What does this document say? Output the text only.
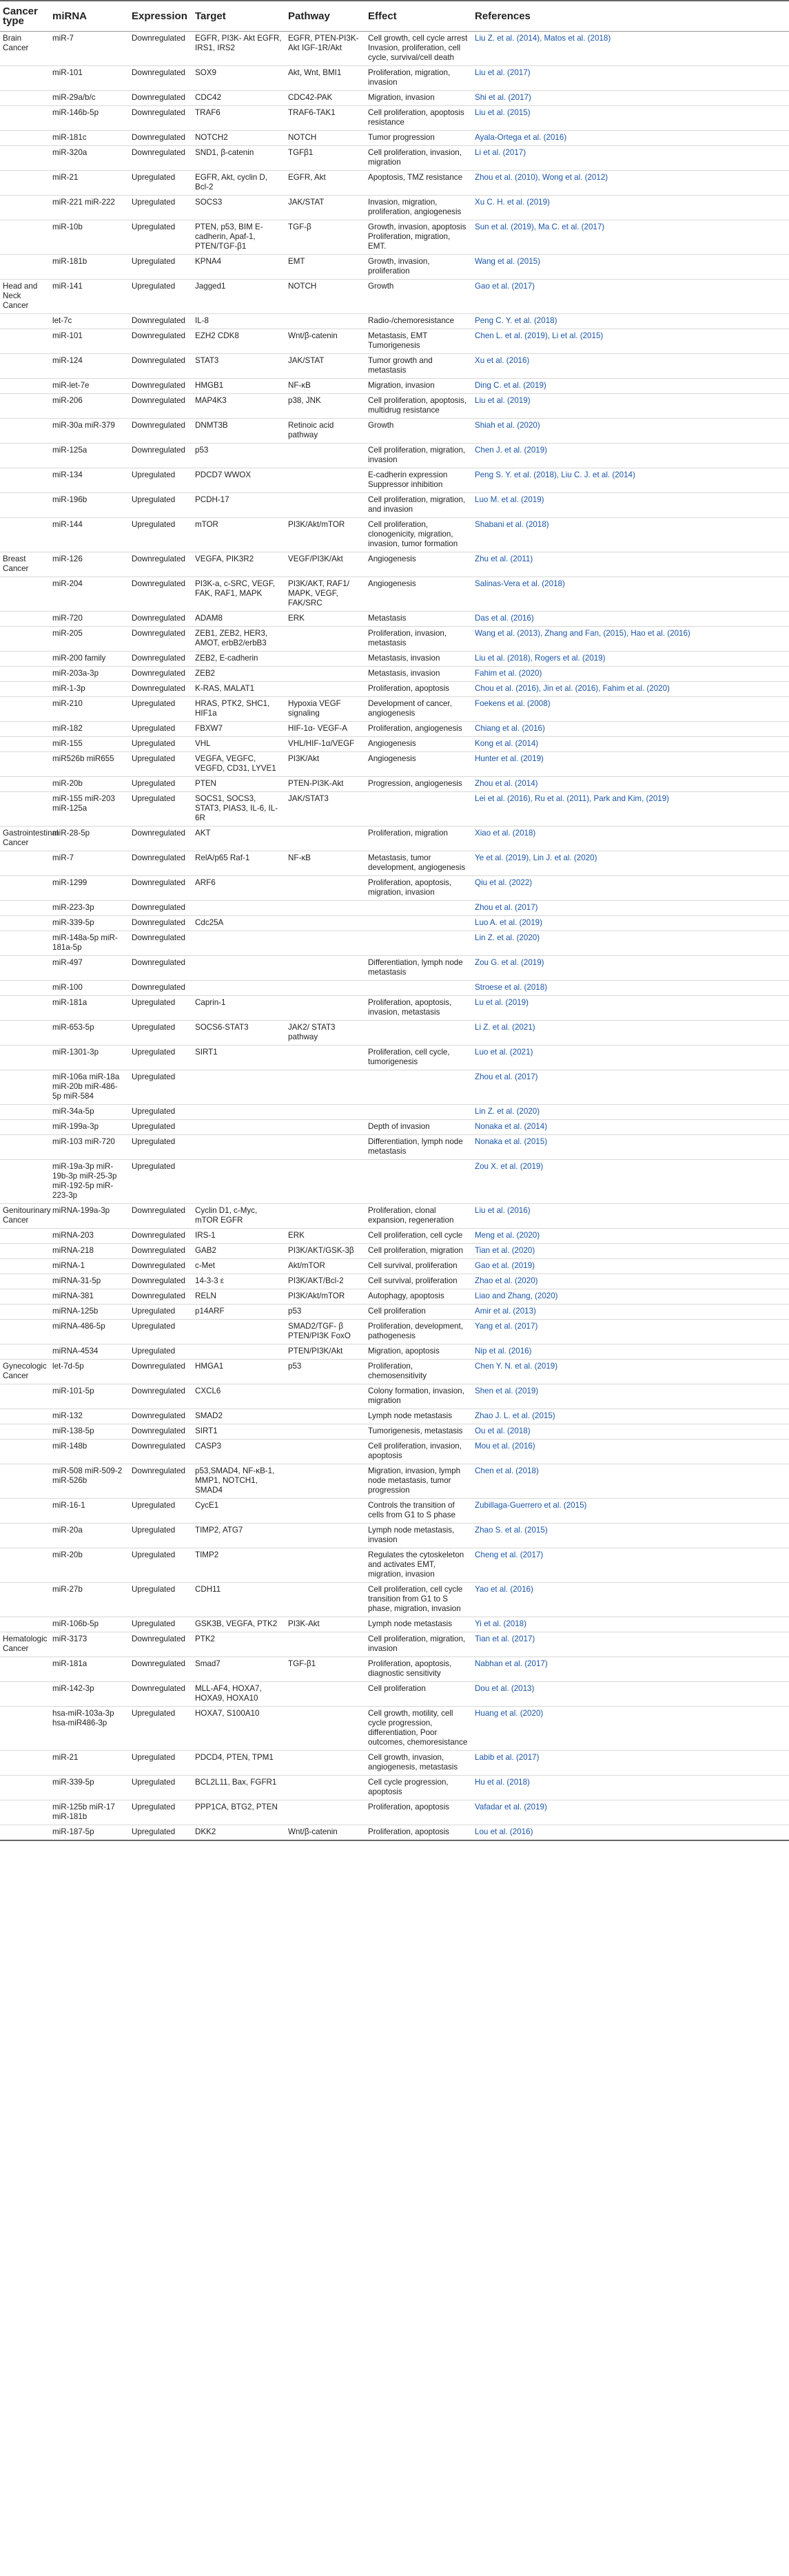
Cancer type	miRNA	Expression	Target	Pathway	Effect	References
Brain Cancer	miR-7	Downregulated	EGFR, PI3K- Akt EGFR, IRS1, IRS2	EGFR, PTEN-PI3K-Akt IGF-1R/Akt	Cell growth, cell cycle arrest Invasion, proliferation, cell cycle, survival/cell death	Liu Z. et al. (2014), Matos et al. (2018)
	miR-101	Downregulated	SOX9	Akt, Wnt, BMI1	Proliferation, migration, invasion	Liu et al. (2017)
	miR-29a/b/c	Downregulated	CDC42	CDC42-PAK	Migration, invasion	Shi et al. (2017)
	miR-146b-5p	Downregulated	TRAF6	TRAF6-TAK1	Cell proliferation, apoptosis resistance	Liu et al. (2015)
	miR-181c	Downregulated	NOTCH2	NOTCH	Tumor progression	Ayala-Ortega et al. (2016)
	miR-320a	Downregulated	SND1, β-catenin	TGFβ1	Cell proliferation, invasion, migration	Li et al. (2017)
	miR-21	Upregulated	EGFR, Akt, cyclin D, Bcl-2	EGFR, Akt	Apoptosis, TMZ resistance	Zhou et al. (2010), Wong et al. (2012)
	miR-221 miR-222	Upregulated	SOCS3	JAK/STAT	Invasion, migration, proliferation, angiogenesis	Xu C. H. et al. (2019)
	miR-10b	Upregulated	PTEN, p53, BIM E-cadherin, Apaf-1, PTEN/TGF-β1	TGF-β	Growth, invasion, apoptosis Proliferation, migration, EMT.	Sun et al. (2019), Ma C. et al. (2017)
	miR-181b	Upregulated	KPNA4	EMT	Growth, invasion, proliferation	Wang et al. (2015)
Head and Neck Cancer	miR-141	Upregulated	Jagged1	NOTCH	Growth	Gao et al. (2017)
	let-7c	Downregulated	IL-8		Radio-/chemoresistance	Peng C. Y. et al. (2018)
	miR-101	Downregulated	EZH2 CDK8	Wnt/β-catenin	Metastasis, EMT Tumorigenesis	Chen L. et al. (2019), Li et al. (2015)
	miR-124	Downregulated	STAT3	JAK/STAT	Tumor growth and metastasis	Xu et al. (2016)
	miR-let-7e	Downregulated	HMGB1	NF-κB	Migration, invasion	Ding C. et al. (2019)
	miR-206	Downregulated	MAP4K3	p38, JNK	Cell proliferation, apoptosis, multidrug resistance	Liu et al. (2019)
	miR-30a miR-379	Downregulated	DNMT3B	Retinoic acid pathway	Growth	Shiah et al. (2020)
	miR-125a	Downregulated	p53		Cell proliferation, migration, invasion	Chen J. et al. (2019)
	miR-134	Upregulated	PDCD7 WWOX		E-cadherin expression Suppressor inhibition	Peng S. Y. et al. (2018), Liu C. J. et al. (2014)
	miR-196b	Upregulated	PCDH-17		Cell proliferation, migration, and invasion	Luo M. et al. (2019)
	miR-144	Upregulated	mTOR	PI3K/Akt/mTOR	Cell proliferation, clonogenicity, migration, invasion, tumor formation	Shabani et al. (2018)
Breast Cancer	miR-126	Downregulated	VEGFA, PIK3R2	VEGF/PI3K/Akt	Angiogenesis	Zhu et al. (2011)
	miR-204	Downregulated	PI3K-a, c-SRC, VEGF, FAK, RAF1, MAPK	PI3K/AKT, RAF1/ MAPK, VEGF, FAK/SRC	Angiogenesis	Salinas-Vera et al. (2018)
	miR-720	Downregulated	ADAM8	ERK	Metastasis	Das et al. (2016)
	miR-205	Downregulated	ZEB1, ZEB2, HER3, AMOT, erbB2/erbB3		Proliferation, invasion, metastasis	Wang et al. (2013), Zhang and Fan, (2015), Hao et al. (2016)
	miR-200 family	Downregulated	ZEB2, E-cadherin		Metastasis, invasion	Liu et al. (2018), Rogers et al. (2019)
	miR-203a-3p	Downregulated	ZEB2		Metastasis, invasion	Fahim et al. (2020)
	miR-1-3p	Downregulated	K-RAS, MALAT1		Proliferation, apoptosis	Chou et al. (2016), Jin et al. (2016), Fahim et al. (2020)
	miR-210	Upregulated	HRAS, PTK2, SHC1, HIF1a	Hypoxia VEGF signaling	Development of cancer, angiogenesis	Foekens et al. (2008)
	miR-182	Upregulated	FBXW7	HIF-1α- VEGF-A	Proliferation, angiogenesis	Chiang et al. (2016)
	miR-155	Upregulated	VHL	VHL/HIF-1α/VEGF	Angiogenesis	Kong et al. (2014)
	miR526b miR655	Upregulated	VEGFA, VEGFC, VEGFD, CD31, LYVE1	PI3K/Akt	Angiogenesis	Hunter et al. (2019)
	miR-20b	Upregulated	PTEN	PTEN-PI3K-Akt	Progression, angiogenesis	Zhou et al. (2014)
	miR-155 miR-203 miR-125a	Upregulated	SOCS1, SOCS3, STAT3, PIAS3, IL-6, IL-6R	JAK/STAT3		Lei et al. (2016), Ru et al. (2011), Park and Kim, (2019)
Gastrointestinal Cancer	miR-28-5p	Downregulated	AKT		Proliferation, migration	Xiao et al. (2018)
	miR-7	Downregulated	RelA/p65 Raf-1	NF-κB	Metastasis, tumor development, angiogenesis	Ye et al. (2019), Lin J. et al. (2020)
	miR-1299	Downregulated	ARF6		Proliferation, apoptosis, migration, invasion	Qiu et al. (2022)
	miR-223-3p	Downregulated				Zhou et al. (2017)
	miR-339-5p	Downregulated	Cdc25A			Luo A. et al. (2019)
	miR-148a-5p miR-181a-5p	Downregulated				Lin Z. et al. (2020)
	miR-497	Downregulated			Differentiation, lymph node metastasis	Zou G. et al. (2019)
	miR-100	Downregulated				Stroese et al. (2018)
	miR-181a	Upregulated	Caprin-1		Proliferation, apoptosis, invasion, metastasis	Lu et al. (2019)
	miR-653-5p	Upregulated	SOCS6-STAT3	JAK2/ STAT3 pathway		Li Z. et al. (2021)
	miR-1301-3p	Upregulated	SIRT1		Proliferation, cell cycle, tumorigenesis	Luo et al. (2021)
	miR-106a miR-18a miR-20b miR-486-5p miR-584	Upregulated				Zhou et al. (2017)
	miR-34a-5p	Upregulated				Lin Z. et al. (2020)
	miR-199a-3p	Upregulated			Depth of invasion	Nonaka et al. (2014)
	miR-103 miR-720	Upregulated			Differentiation, lymph node metastasis	Nonaka et al. (2015)
	miR-19a-3p miR-19b-3p miR-25-3p miR-192-5p miR-223-3p	Upregulated				Zou X. et al. (2019)
Genitourinary Cancer	miRNA-199a-3p	Downregulated	Cyclin D1, c-Myc, mTOR EGFR		Proliferation, clonal expansion, regeneration	Liu et al. (2016)
	miRNA-203	Downregulated	IRS-1	ERK	Cell proliferation, cell cycle	Meng et al. (2020)
	miRNA-218	Downregulated	GAB2	PI3K/AKT/GSK-3β	Cell proliferation, migration	Tian et al. (2020)
	miRNA-1	Downregulated	c-Met	Akt/mTOR	Cell survival, proliferation	Gao et al. (2019)
	miRNA-31-5p	Downregulated	14-3-3 ε	PI3K/AKT/Bcl-2	Cell survival, proliferation	Zhao et al. (2020)
	miRNA-381	Downregulated	RELN	PI3K/Akt/mTOR	Autophagy, apoptosis	Liao and Zhang, (2020)
	miRNA-125b	Upregulated	p14ARF	p53	Cell proliferation	Amir et al. (2013)
	miRNA-486-5p	Upregulated		SMAD2/TGF- β PTEN/PI3K FoxO	Proliferation, development, pathogenesis	Yang et al. (2017)
	miRNA-4534	Upregulated		PTEN/PI3K/Akt	Migration, apoptosis	Nip et al. (2016)
Gynecologic Cancer	let-7d-5p	Downregulated	HMGA1	p53	Proliferation, chemosensitivity	Chen Y. N. et al. (2019)
	miR-101-5p	Downregulated	CXCL6		Colony formation, invasion, migration	Shen et al. (2019)
	miR-132	Downregulated	SMAD2		Lymph node metastasis	Zhao J. L. et al. (2015)
	miR-138-5p	Downregulated	SIRT1		Tumorigenesis, metastasis	Ou et al. (2018)
	miR-148b	Downregulated	CASP3		Cell proliferation, invasion, apoptosis	Mou et al. (2016)
	miR-508 miR-509-2 miR-526b	Downregulated	p53,SMAD4, NF-κB-1, MMP1, NOTCH1, SMAD4		Migration, invasion, lymph node metastasis, tumor progression	Chen et al. (2018)
	miR-16-1	Upregulated	CycE1		Controls the transition of cells from G1 to S phase	Zubillaga-Guerrero et al. (2015)
	miR-20a	Upregulated	TIMP2, ATG7		Lymph node metastasis, invasion	Zhao S. et al. (2015)
	miR-20b	Upregulated	TIMP2		Regulates the cytoskeleton and activates EMT, migration, invasion	Cheng et al. (2017)
	miR-27b	Upregulated	CDH11		Cell proliferation, cell cycle transition from G1 to S phase, migration, invasion	Yao et al. (2016)
	miR-106b-5p	Upregulated	GSK3B, VEGFA, PTK2	PI3K-Akt	Lymph node metastasis	Yi et al. (2018)
Hematologic Cancer	miR-3173	Downregulated	PTK2		Cell proliferation, migration, invasion	Tian et al. (2017)
	miR-181a	Downregulated	Smad7	TGF-β1	Proliferation, apoptosis, diagnostic sensitivity	Nabhan et al. (2017)
	miR-142-3p	Downregulated	MLL-AF4, HOXA7, HOXA9, HOXA10		Cell proliferation	Dou et al. (2013)
	hsa-miR-103a-3p hsa-miR486-3p	Upregulated	HOXA7, S100A10		Cell growth, motility, cell cycle progression, differentiation, Poor outcomes, chemoresistance	Huang et al. (2020)
	miR-21	Upregulated	PDCD4, PTEN, TPM1		Cell growth, invasion, angiogenesis, metastasis	Labib et al. (2017)
	miR-339-5p	Upregulated	BCL2L11, Bax, FGFR1		Cell cycle progression, apoptosis	Hu et al. (2018)
	miR-125b miR-17 miR-181b	Upregulated	PPP1CA, BTG2, PTEN		Proliferation, apoptosis	Vafadar et al. (2019)
	miR-187-5p	Upregulated	DKK2	Wnt/β-catenin	Proliferation, apoptosis	Lou et al. (2016)
